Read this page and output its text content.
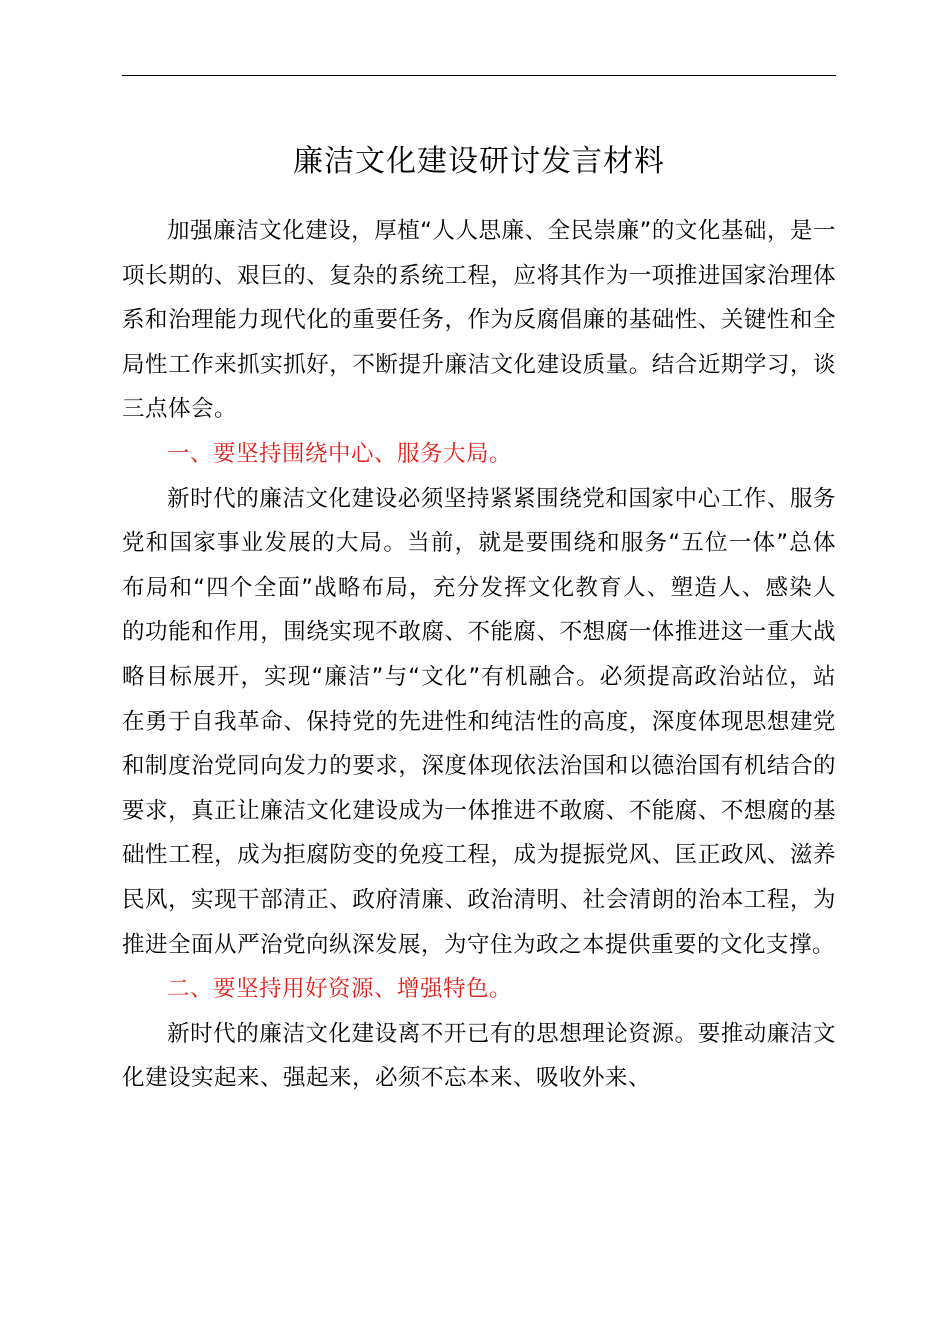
廉洁文化建设研讨发言材料

加强廉洁文化建设，厚植“人人思廉、全民崇廉”的文化基础，是一项长期的、艰巨的、复杂的系统工程，应将其作为一项推进国家治理体系和治理能力现代化的重要任务，作为反腐倡廉的基础性、关键性和全局性工作来抓实抓好，不断提升廉洁文化建设质量。结合近期学习，谈三点体会。

一、要坚持围绕中心、服务大局。

新时代的廉洁文化建设必须坚持紧紧围绕党和国家中心工作、服务党和国家事业发展的大局。当前，就是要围绕和服务“五位一体”总体布局和“四个全面”战略布局，充分发挥文化教育人、塑造人、感染人的功能和作用，围绕实现不敢腐、不能腐、不想腐一体推进这一重大战略目标展开，实现“廉洁”与“文化”有机融合。必须提高政治站位，站在勇于自我革命、保持党的先进性和纯洁性的高度，深度体现思想建党和制度治党同向发力的要求，深度体现依法治国和以德治国有机结合的要求，真正让廉洁文化建设成为一体推进不敢腐、不能腐、不想腐的基础性工程，成为拒腐防变的免疫工程，成为提振党风、匡正政风、滋养民风，实现干部清正、政府清廉、政治清明、社会清朗的治本工程，为推进全面从严治党向纵深发展，为守住为政之本提供重要的文化支撑。

二、要坚持用好资源、增强特色。

新时代的廉洁文化建设离不开已有的思想理论资源。要推动廉洁文化建设实起来、强起来，必须不忘本来、吸收外来、
